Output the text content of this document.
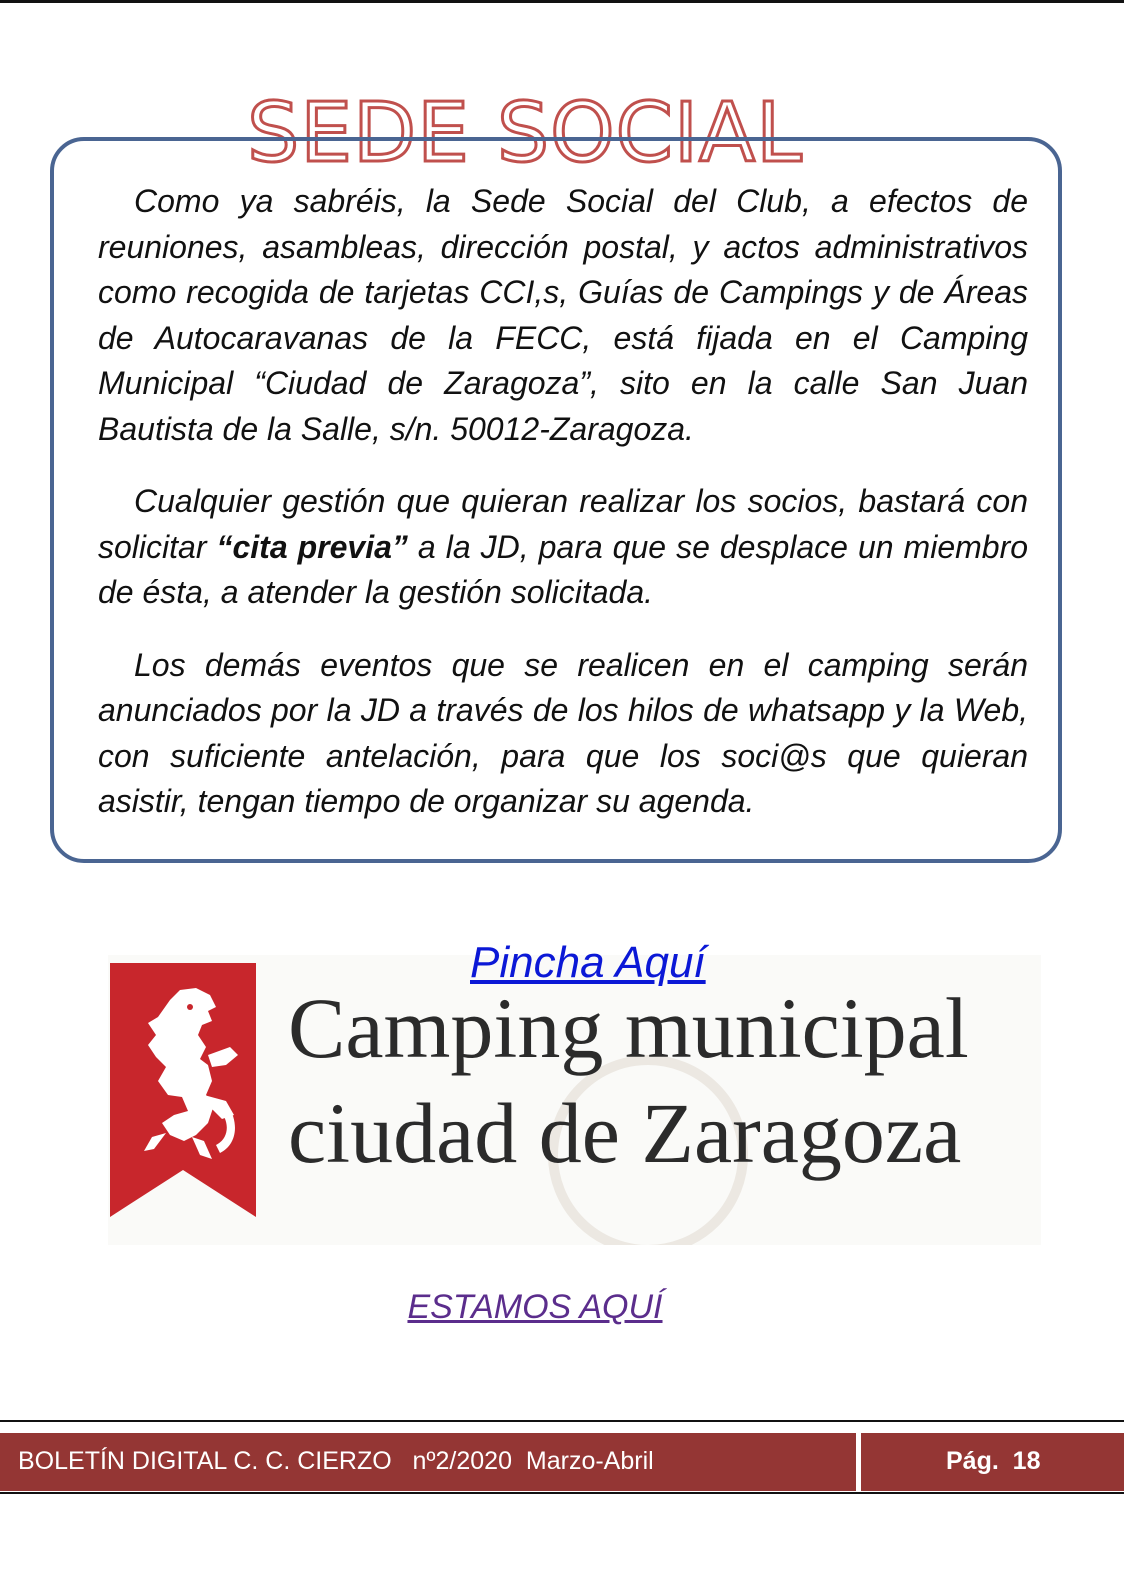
SEDE SOCIAL

Como ya sabréis, la Sede Social del Club, a efectos de reuniones, asambleas, dirección postal, y actos administrativos como recogida de tarjetas CCI,s, Guías de Campings y de Áreas de Autocaravanas de la FECC, está fijada en el Camping Municipal “Ciudad de Zaragoza”, sito en la calle San Juan Bautista de la Salle, s/n. 50012-Zaragoza.

Cualquier gestión que quieran realizar los socios, bastará con solicitar “cita previa” a la JD, para que se desplace un miembro de ésta, a atender la gestión solicitada.

Los demás eventos que se realicen en el camping serán anunciados por la JD a través de los hilos de whatsapp y la Web, con suficiente antelación, para que los soci@s que quieran asistir, tengan tiempo de organizar su agenda.

Pincha Aquí
Camping municipal
ciudad de Zaragoza
ESTAMOS AQUÍ
BOLETÍN DIGITAL C. C. CIERZO   nº2/2020  Marzo-Abril	Pág.  18
